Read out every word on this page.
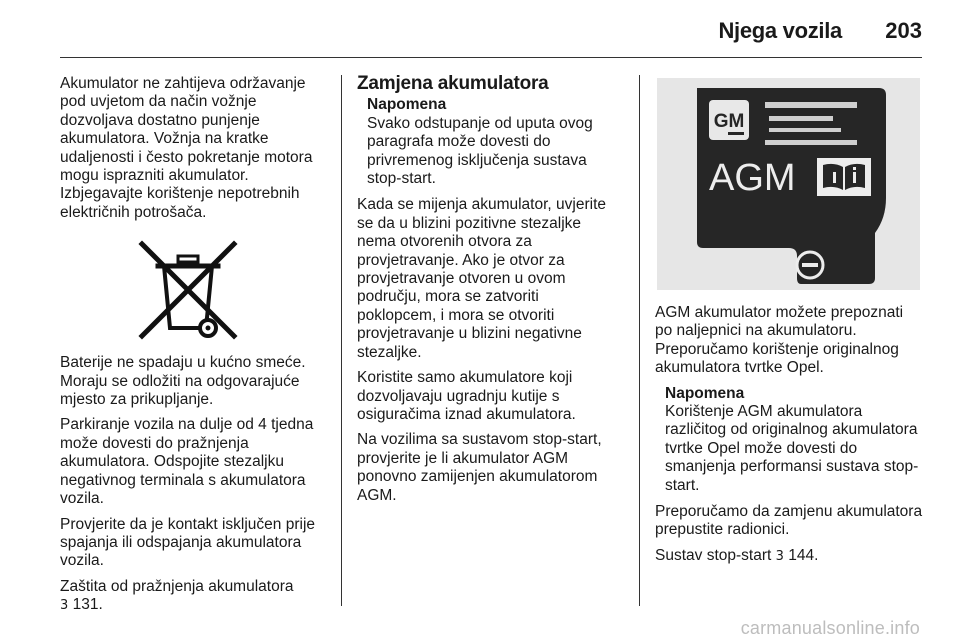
Njega vozila 203

Akumulator ne zahtijeva održavanje pod uvjetom da način vožnje dozvoljava dostatno punjenje akumulatora. Vožnja na kratke udaljenosti i često pokretanje motora mogu isprazniti akumulator. Izbjegavajte korištenje nepotrebnih električnih potrošača.

Baterije ne spadaju u kućno smeće. Moraju se odložiti na odgovarajuće mjesto za prikupljanje.

Parkiranje vozila na dulje od 4 tjedna može dovesti do pražnjenja akumulatora. Odspojite stezaljku negativnog terminala s akumulatora vozila.

Provjerite da je kontakt isključen prije spajanja ili odspajanja akumulatora vozila.

Zaštita od pražnjenja akumulatora
3 131.

Zamjena akumulatora
Napomena
Svako odstupanje od uputa ovog paragrafa može dovesti do privremenog isključenja sustava stop-start.

Kada se mijenja akumulator, uvjerite se da u blizini pozitivne stezaljke nema otvorenih otvora za provjetravanje. Ako je otvor za provjetravanje otvoren u ovom području, mora se zatvoriti poklopcem, i mora se otvoriti provjetravanje u blizini negativne stezaljke.

Koristite samo akumulatore koji dozvoljavaju ugradnju kutije s osiguračima iznad akumulatora.

Na vozilima sa sustavom stop-start, provjerite je li akumulator AGM ponovno zamijenjen akumulatorom AGM.

GM
AGM

AGM akumulator možete prepoznati po naljepnici na akumulatoru. Preporučamo korištenje originalnog akumulatora tvrtke Opel.

Napomena
Korištenje AGM akumulatora različitog od originalnog akumulatora tvrtke Opel može dovesti do smanjenja performansi sustava stop-start.

Preporučamo da zamjenu akumulatora prepustite radionici.

Sustav stop-start 3 144.

carmanualsonline.info
